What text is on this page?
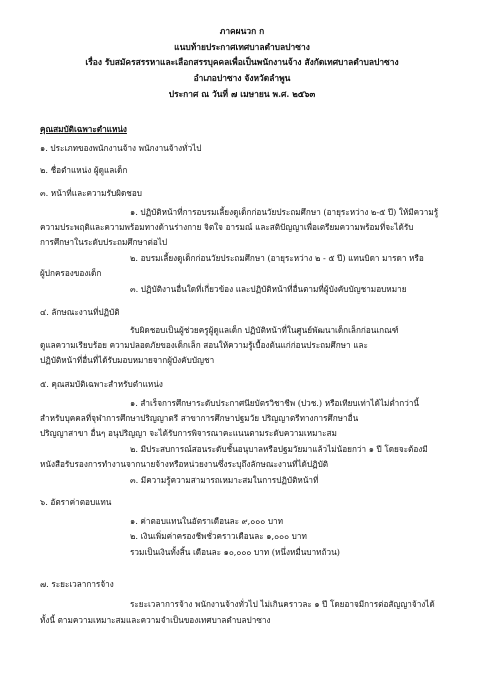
ภาคผนวก ก
แนบท้ายประกาศเทศบาลตำบลปาซาง
เรื่อง รับสมัครสรรหาและเลือกสรรบุคคลเพื่อเป็นพนักงานจ้าง สังกัดเทศบาลตำบลปาซาง
อำเภอปาซาง จังหวัดลำพูน
ประกาศ ณ วันที่ ๗ เมษายน พ.ศ. ๒๕๖๓
คุณสมบัติเฉพาะตำแหน่ง
๑. ประเภทของพนักงานจ้าง พนักงานจ้างทั่วไป
๒. ชื่อตำแหน่ง ผู้ดูแลเด็ก
๓. หน้าที่และความรับผิดชอบ
๑. ปฏิบัติหน้าที่การอบรมเลี้ยงดูเด็กก่อนวัยประถมศึกษา (อายุระหว่าง ๒-๕ ปี) ให้มีความรู้
ความประพฤติและความพร้อมทางด้านร่างกาย จิตใจ อารมณ์ และสติปัญญาเพื่อเตรียมความพร้อมที่จะได้รับ
การศึกษาในระดับประถมศึกษาต่อไป
๒. อบรมเลี้ยงดูเด็กก่อนวัยประถมศึกษา (อายุระหว่าง ๒ - ๕ ปี) แทนบิดา มารดา หรือ
ผู้ปกครองของเด็ก
๓. ปฏิบัติงานอื่นใดที่เกี่ยวข้อง และปฏิบัติหน้าที่อื่นตามที่ผู้บังคับบัญชามอบหมาย
๔. ลักษณะงานที่ปฏิบัติ
รับผิดชอบเป็นผู้ช่วยครูผู้ดูแลเด็ก ปฏิบัติหน้าที่ในศูนย์พัฒนาเด็กเล็กก่อนเกณฑ์
ดูแลความเรียบร้อย ความปลอดภัยของเด็กเล็ก สอนให้ความรู้เบื้องต้นแก่ก่อนประถมศึกษา และ
ปฏิบัติหน้าที่อื่นที่ได้รับมอบหมายจากผู้บังคับบัญชา
๕. คุณสมบัติเฉพาะสำหรับตำแหน่ง
๑. สำเร็จการศึกษาระดับประกาศนียบัตรวิชาชีพ (ปวช.) หรือเทียบเท่าได้ไม่ต่ำกว่านี้
สำหรับบุคคลที่จุฬาการศึกษาปริญญาตรี สาขาการศึกษาปฐมวัย ปริญญาตรีทางการศึกษาอื่น
ปริญญาสาขา อื่นๆ อนุปริญญา จะได้รับการพิจารณาคะแนนตามระดับความเหมาะสม
๒. มีประสบการณ์สอนระดับชั้นอนุบาลหรือปฐมวัยมาแล้วไม่น้อยกว่า ๑ ปี โดยจะต้องมี
หนังสือรับรองการทำงานจากนายจ้างหรือหน่วยงานซึ่งระบุถึงลักษณะงานที่ได้ปฏิบัติ
๓. มีความรู้ความสามารถเหมาะสมในการปฏิบัติหน้าที่
๖. อัตราค่าตอบแทน
๑. ค่าตอบแทนในอัตราเดือนละ ๙,๐๐๐ บาท
๒. เงินเพิ่มค่าครองชีพชั่วคราวเดือนละ ๑,๐๐๐ บาท
รวมเป็นเงินทั้งสิ้น เดือนละ ๑๐,๐๐๐ บาท (หนึ่งหมื่นบาทถ้วน)
๗. ระยะเวลาการจ้าง
ระยะเวลาการจ้าง พนักงานจ้างทั่วไป ไม่เกินคราวละ ๑ ปี โดยอาจมีการต่อสัญญาจ้างได้
ทั้งนี้ ตามความเหมาะสมและความจำเป็นของเทศบาลตำบลปาซาง
